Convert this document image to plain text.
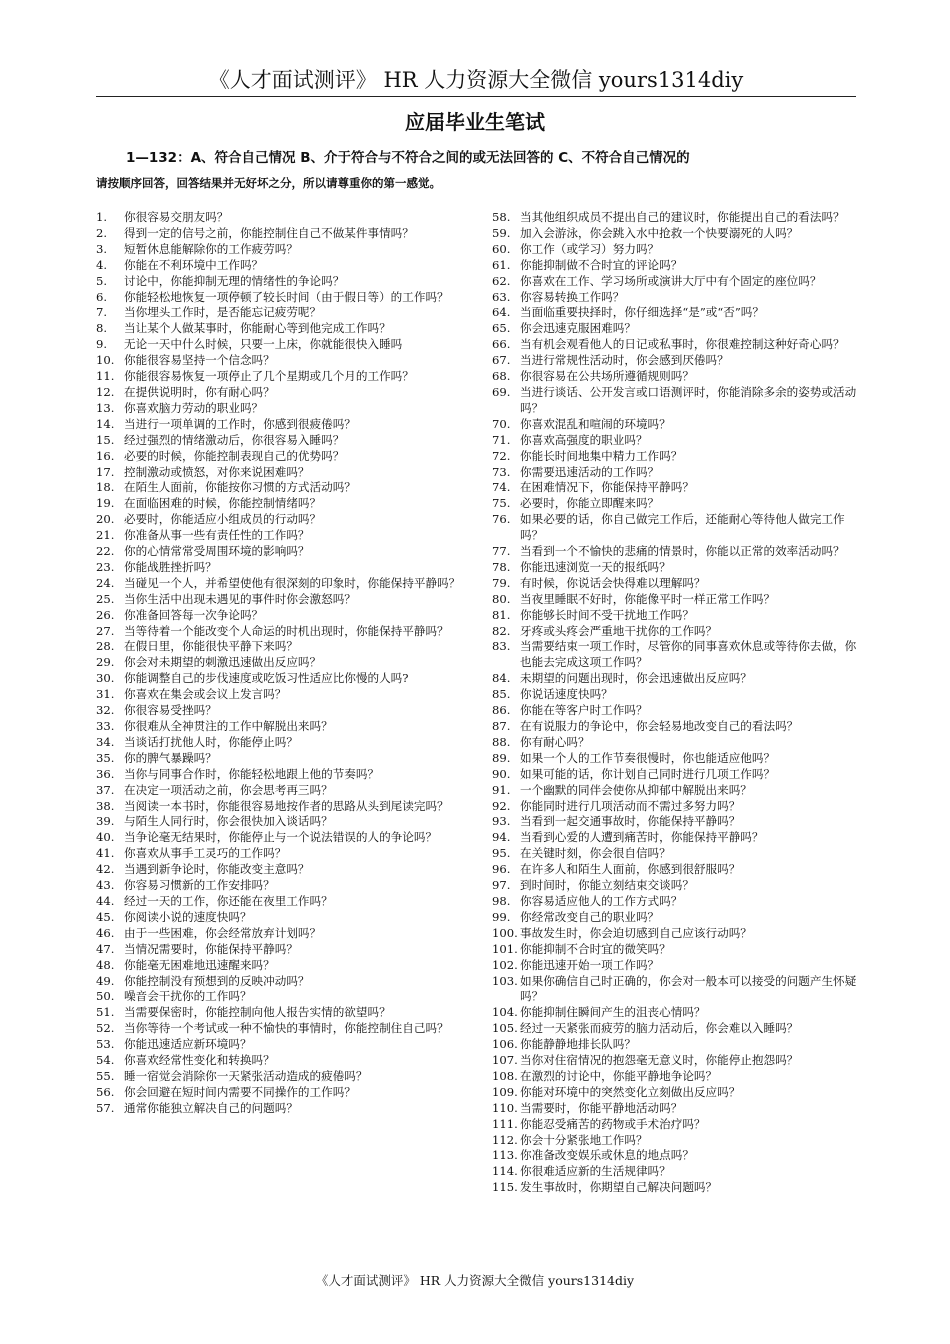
《人才面试测评》 HR 人力资源大全微信 yours1314diy
应届毕业生笔试
1—132：A、符合自己情况 B、介于符合与不符合之间的或无法回答的 C、不符合自己情况的
请按顺序回答，回答结果并无好坏之分，所以请尊重你的第一感觉。
1.	你很容易交朋友吗？
2.	得到一定的信号之前，你能控制住自己不做某件事情吗？
3.	短暂休息能解除你的工作疲劳吗？
4.	你能在不利环境中工作吗？
5.	讨论中，你能抑制无理的情绪性的争论吗？
6.	你能轻松地恢复一项停顿了较长时间（由于假日等）的工作吗？
7.	当你埋头工作时，是否能忘记疲劳呢？
8.	当让某个人做某事时，你能耐心等到他完成工作吗？
9.	无论一天中什么时候，只要一上床，你就能很快入睡吗
10. 你能很容易坚持一个信念吗？
11. 你能很容易恢复一项停止了几个星期或几个月的工作吗？
12. 在提供说明时，你有耐心吗？
13. 你喜欢脑力劳动的职业吗？
14. 当进行一项单调的工作时，你感到很疲倦吗？
15. 经过强烈的情绪激动后，你很容易入睡吗？
16. 必要的时候，你能控制表现自己的优势吗？
17. 控制激动或愤怒，对你来说困难吗？
18. 在陌生人面前，你能按你习惯的方式活动吗？
19. 在面临困难的时候，你能控制情绪吗？
20. 必要时，你能适应小组成员的行动吗？
21. 你准备从事一些有责任性的工作吗？
22. 你的心情常常受周围环境的影响吗？
23. 你能战胜挫折吗？
24. 当碰见一个人，并希望使他有很深刻的印象时，你能保持平静吗？
25. 当你生活中出现未遇见的事件时你会激怒吗？
26. 你准备回答每一次争论吗？
27. 当等待着一个能改变个人命运的时机出现时，你能保持平静吗？
28. 在假日里，你能很快平静下来吗？
29. 你会对未期望的刺激迅速做出反应吗？
30. 你能调整自己的步伐速度或吃饭习性适应比你慢的人吗?
31. 你喜欢在集会或会议上发言吗？
32. 你很容易受挫吗？
33. 你很难从全神贯注的工作中解脱出来吗？
34. 当谈话打扰他人时，你能停止吗？
35. 你的脾气暴躁吗？
36. 当你与同事合作时，你能轻松地跟上他的节奏吗？
37. 在决定一项活动之前，你会思考再三吗？
38. 当阅读一本书时，你能很容易地按作者的思路从头到尾读完吗？
39. 与陌生人同行时，你会很快加入谈话吗？
40. 当争论毫无结果时，你能停止与一个说法错误的人的争论吗？
41. 你喜欢从事手工灵巧的工作吗？
42. 当遇到新争论时，你能改变主意吗？
43. 你容易习惯新的工作安排吗？
44. 经过一天的工作，你还能在夜里工作吗？
45. 你阅读小说的速度快吗？
46. 由于一些困难，你会经常放弃计划吗？
47. 当情况需要时，你能保持平静吗？
48. 你能毫无困难地迅速醒来吗？
49. 你能控制没有预想到的反映冲动吗？
50. 噪音会干扰你的工作吗？
51. 当需要保密时，你能控制向他人报告实情的欲望吗？
52. 当你等待一个考试或一种不愉快的事情时，你能控制住自己吗？
53. 你能迅速适应新环境吗？
54. 你喜欢经常性变化和转换吗？
55. 睡一宿觉会消除你一天紧张活动造成的疲倦吗？
56. 你会回避在短时间内需要不同操作的工作吗？
57. 通常你能独立解决自己的问题吗？
58. 当其他组织成员不提出自己的建议时，你能提出自己的看法吗？
59. 加入会游泳，你会跳入水中抢救一个快要溺死的人吗？
60. 你工作（或学习）努力吗？
61. 你能抑制做不合时宜的评论吗？
62. 你喜欢在工作、学习场所或演讲大厅中有个固定的座位吗？
63. 你容易转换工作吗？
64. 当面临重要抉择时，你仔细选择“是”或“否”吗？
65. 你会迅速克服困难吗？
66. 当有机会观看他人的日记或私事时，你很难控制这种好奇心吗？
67. 当进行常规性活动时，你会感到厌倦吗？
68. 你很容易在公共场所遵循规则吗？
69. 当进行谈话、公开发言或口语测评时，你能消除多余的姿势或活动吗？
70. 你喜欢混乱和喧闹的环境吗？
71. 你喜欢高强度的职业吗？
72. 你能长时间地集中精力工作吗？
73. 你需要迅速活动的工作吗？
74. 在困难情况下，你能保持平静吗？
75. 必要时，你能立即醒来吗？
76. 如果必要的话，你自己做完工作后，还能耐心等待他人做完工作吗？
77. 当看到一个不愉快的悲痛的情景时，你能以正常的效率活动吗？
78. 你能迅速浏览一天的报纸吗？
79. 有时候，你说话会快得难以理解吗？
80. 当夜里睡眠不好时，你能像平时一样正常工作吗？
81. 你能够长时间不受干扰地工作吗？
82. 牙疼或头疼会严重地干扰你的工作吗？
83. 当需要结束一项工作时，尽管你的同事喜欢休息或等待你去做，你也能去完成这项工作吗？
84. 未期望的问题出现时，你会迅速做出反应吗？
85. 你说话速度快吗？
86. 你能在等客户时工作吗？
87. 在有说服力的争论中，你会轻易地改变自己的看法吗？
88. 你有耐心吗？
89. 如果一个人的工作节奏很慢时，你也能适应他吗？
90. 如果可能的话，你计划自己同时进行几项工作吗？
91. 一个幽默的同伴会使你从抑郁中解脱出来吗？
92. 你能同时进行几项活动而不需过多努力吗？
93. 当看到一起交通事故时，你能保持平静吗？
94. 当看到心爱的人遭到痛苦时，你能保持平静吗？
95. 在关键时刻，你会很自信吗？
96. 在许多人和陌生人面前，你感到很舒服吗？
97. 到时间时，你能立刻结束交谈吗？
98. 你容易适应他人的工作方式吗？
99. 你经常改变自己的职业吗？
100. 事故发生时，你会迫切感到自己应该行动吗？
101. 你能抑制不合时宜的微笑吗？
102. 你能迅速开始一项工作吗？
103. 如果你确信自己时正确的，你会对一般本可以接受的问题产生怀疑吗？
104. 你能抑制住瞬间产生的沮丧心情吗？
105. 经过一天紧张而疲劳的脑力活动后，你会难以入睡吗？
106. 你能静静地排长队吗？
107. 当你对住宿情况的抱怨毫无意义时，你能停止抱怨吗？
108. 在激烈的讨论中，你能平静地争论吗？
109. 你能对环境中的突然变化立刻做出反应吗？
110. 当需要时，你能平静地活动吗？
111. 你能忍受痛苦的药物或手术治疗吗？
112. 你会十分紧张地工作吗？
113. 你准备改变娱乐或休息的地点吗？
114. 你很难适应新的生活规律吗？
115. 发生事故时，你期望自己解决问题吗？
《人才面试测评》 HR 人力资源大全微信 yours1314diy
